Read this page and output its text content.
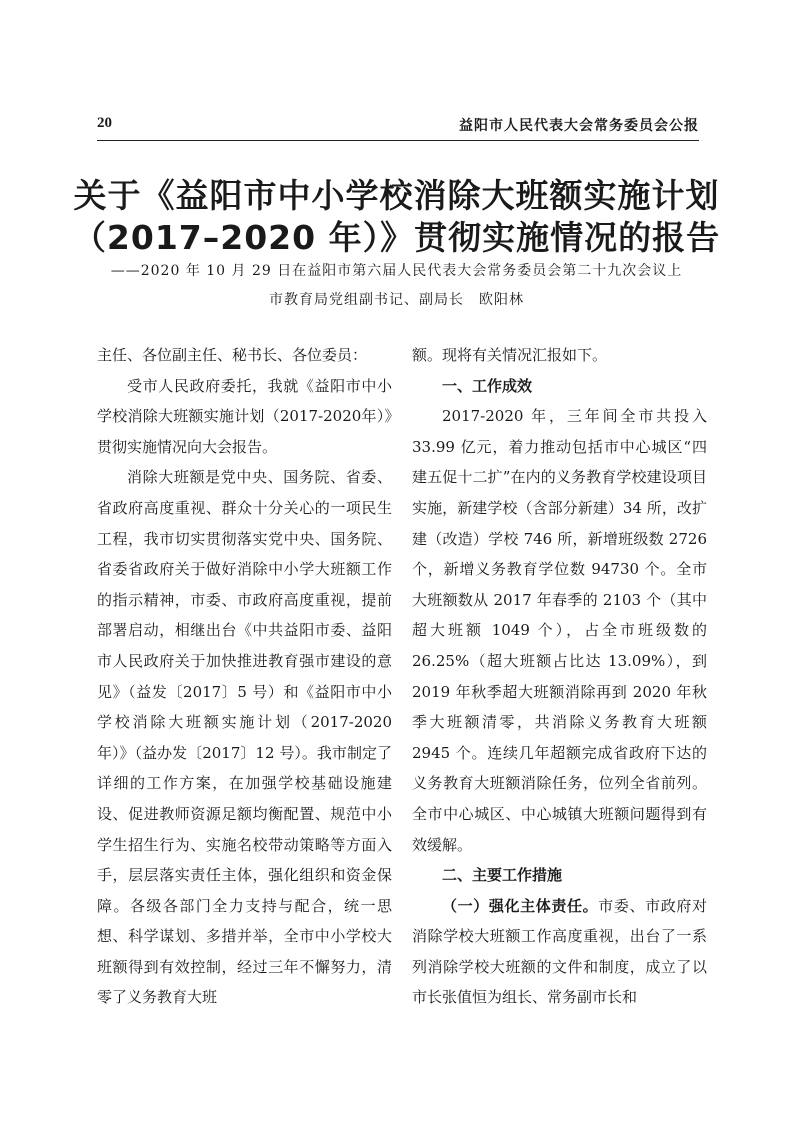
20	益阳市人民代表大会常务委员会公报
关于《益阳市中小学校消除大班额实施计划
（2017–2020 年）》贯彻实施情况的报告
——2020 年 10 月 29 日在益阳市第六届人民代表大会常务委员会第二十九次会议上
市教育局党组副书记、副局长　欧阳林

主任、各位副主任、秘书长、各位委员：

受市人民政府委托，我就《益阳市中小学校消除大班额实施计划（2017-2020年）》贯彻实施情况向大会报告。

消除大班额是党中央、国务院、省委、省政府高度重视、群众十分关心的一项民生工程，我市切实贯彻落实党中央、国务院、省委省政府关于做好消除中小学大班额工作的指示精神，市委、市政府高度重视，提前部署启动，相继出台《中共益阳市委、益阳市人民政府关于加快推进教育强市建设的意见》（益发〔2017〕5 号）和《益阳市中小学校消除大班额实施计划（2017-2020 年）》（益办发〔2017〕12 号）。我市制定了详细的工作方案，在加强学校基础设施建设、促进教师资源足额均衡配置、规范中小学生招生行为、实施名校带动策略等方面入手，层层落实责任主体，强化组织和资金保障。各级各部门全力支持与配合，统一思想、科学谋划、多措并举，全市中小学校大班额得到有效控制，经过三年不懈努力，清零了义务教育大班

额。现将有关情况汇报如下。

一、工作成效

2017-2020 年，三年间全市共投入 33.99 亿元，着力推动包括市中心城区“四建五促十二扩”在内的义务教育学校建设项目实施，新建学校（含部分新建）34 所，改扩建（改造）学校 746 所，新增班级数 2726 个，新增义务教育学位数 94730 个。全市大班额数从 2017 年春季的 2103 个（其中超大班额 1049 个），占全市班级数的 26.25%（超大班额占比达 13.09%），到 2019 年秋季超大班额消除再到 2020 年秋季大班额清零，共消除义务教育大班额 2945 个。连续几年超额完成省政府下达的义务教育大班额消除任务，位列全省前列。全市中心城区、中心城镇大班额问题得到有效缓解。

二、主要工作措施

（一）强化主体责任。市委、市政府对消除学校大班额工作高度重视，出台了一系列消除学校大班额的文件和制度，成立了以市长张值恒为组长、常务副市长和
